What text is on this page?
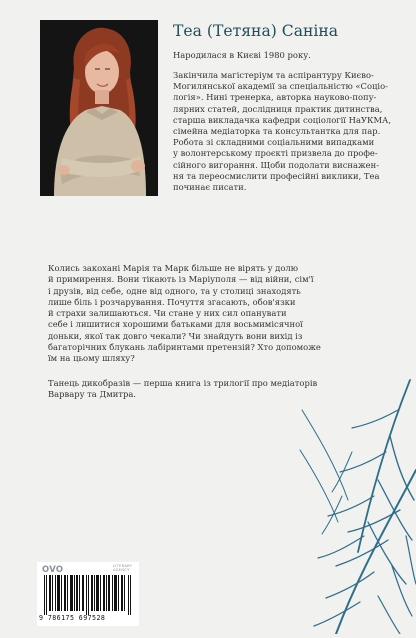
Теа (Тетяна) Саніна

Народилася в Києві 1980 року.

Закінчила магістеріум та аспірантуру Києво-
Могилянської академії за спеціальністю «Соціо-
логія». Нині тренерка, авторка науково-попу-
лярних статей, дослідниця практик дитинства,
старша викладачка кафедри соціології НаУКМА,
сімейна медіаторка та консультантка для пар.
Робота зі складними соціальними випадками
у волонтерському проєкті призвела до профе-
сійного вигорання. Щоби подолати виснажен-
ня та переосмислити професійні виклики, Теа
починає писати.

Колись закохані Марія та Марк більше не вірять у долю
й примирення. Вони тікають із Маріуполя — від війни, сім'ї
і друзів, від себе, одне від одного, та у столиці знаходять
лише біль і розчарування. Почуття згасають, обов'язки
й страхи залишаються. Чи стане у них сил опанувати
себе і лишитися хорошими батьками для восьмимісячної
доньки, якої так довго чекали? Чи знайдуть вони вихід із
багаторічних блукань лабіринтами претензій? Хто допоможе
їм на цьому шляху?

Танець дикобразів — перша книга із трилогії про медіаторів
Варвару та Дмитра.

OVO	LITERARY
AGENCY
9 786175 697528
